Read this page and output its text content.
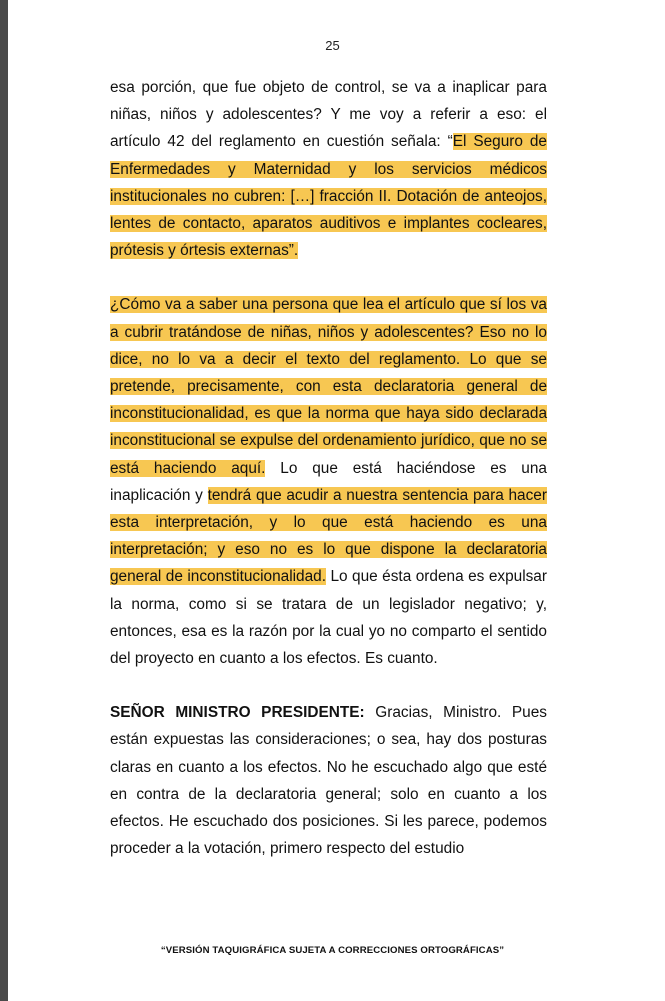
25

esa porción, que fue objeto de control, se va a inaplicar para niñas, niños y adolescentes? Y me voy a referir a eso: el artículo 42 del reglamento en cuestión señala: “El Seguro de Enfermedades y Maternidad y los servicios médicos institucionales no cubren: […] fracción II. Dotación de anteojos, lentes de contacto, aparatos auditivos e implantes cocleares, prótesis y órtesis externas”.

¿Cómo va a saber una persona que lea el artículo que sí los va a cubrir tratándose de niñas, niños y adolescentes? Eso no lo dice, no lo va a decir el texto del reglamento. Lo que se pretende, precisamente, con esta declaratoria general de inconstitucionalidad, es que la norma que haya sido declarada inconstitucional se expulse del ordenamiento jurídico, que no se está haciendo aquí. Lo que está haciéndose es una inaplicación y tendrá que acudir a nuestra sentencia para hacer esta interpretación, y lo que está haciendo es una interpretación; y eso no es lo que dispone la declaratoria general de inconstitucionalidad. Lo que ésta ordena es expulsar la norma, como si se tratara de un legislador negativo; y, entonces, esa es la razón por la cual yo no comparto el sentido del proyecto en cuanto a los efectos. Es cuanto.

SEÑOR MINISTRO PRESIDENTE: Gracias, Ministro. Pues están expuestas las consideraciones; o sea, hay dos posturas claras en cuanto a los efectos. No he escuchado algo que esté en contra de la declaratoria general; solo en cuanto a los efectos. He escuchado dos posiciones. Si les parece, podemos proceder a la votación, primero respecto del estudio

“VERSIÓN TAQUIGRÁFICA SUJETA A CORRECCIONES ORTOGRÁFICAS”
